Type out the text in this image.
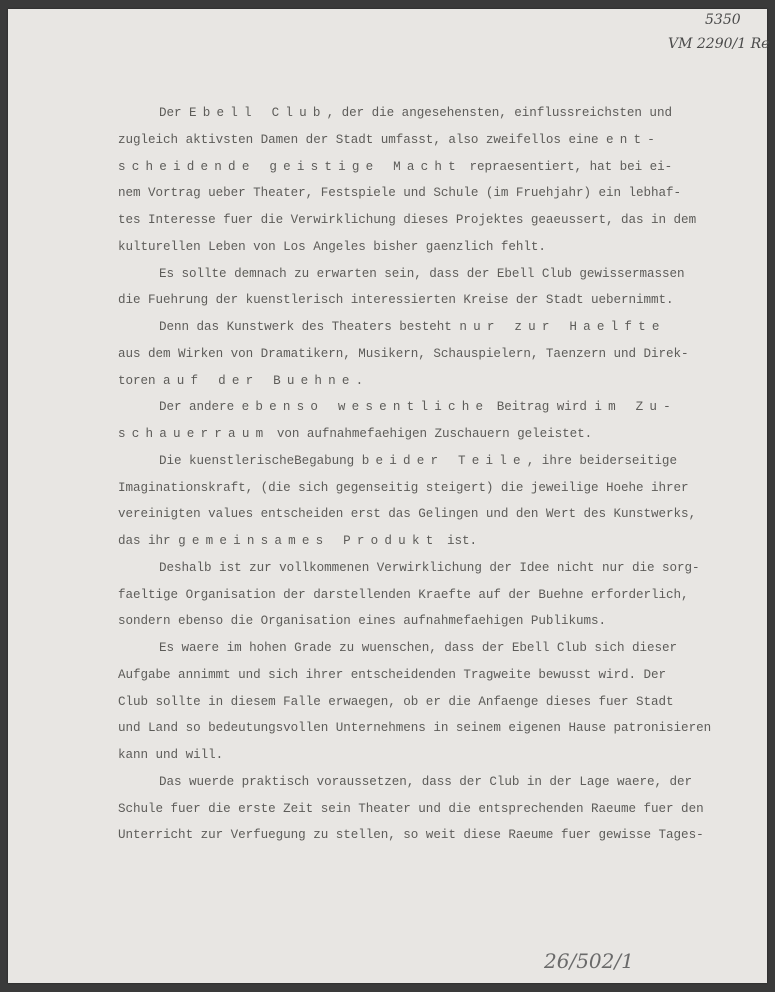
5350
VM 2290/1 Re
Der Ebell Club, der die angesehensten, einflussreichsten und
zugleich aktivsten Damen der Stadt umfasst, also zweifellos eine ent-
scheidende geistige Macht repraesentiert, hat bei ei-
nem Vortrag ueber Theater, Festspiele und Schule (im Fruehjahr) ein lebhaf-
tes Interesse fuer die Verwirklichung dieses Projektes geaeussert, das in dem
kulturellen Leben von Los Angeles bisher gaenzlich fehlt.
Es sollte demnach zu erwarten sein, dass der Ebell Club gewissermassen
die Fuehrung der kuenstlerisch interessierten Kreise der Stadt uebernimmt.
Denn das Kunstwerk des Theaters besteht nur zur Haelfte
aus dem Wirken von Dramatikern, Musikern, Schauspielern, Taenzern und Direk-
toren auf der Buehne.
Der andere ebenso wesentliche Beitrag wird im Zu-
schauerraum von aufnahmefaehigen Zuschauern geleistet.
Die kuenstlerischeBegabung beider Teile, ihre beiderseitige
Imaginationskraft, (die sich gegenseitig steigert) die jeweilige Hoehe ihrer
vereinigten values entscheiden erst das Gelingen und den Wert des Kunstwerks,
das ihr gemeinsames Produkt ist.
Deshalb ist zur vollkommenen Verwirklichung der Idee nicht nur die sorg-
faeltige Organisation der darstellenden Kraefte auf der Buehne erforderlich,
sondern ebenso die Organisation eines aufnahmefaehigen Publikums.
Es waere im hohen Grade zu wuenschen, dass der Ebell Club sich dieser
Aufgabe annimmt und sich ihrer entscheidenden Tragweite bewusst wird. Der
Club sollte in diesem Falle erwaegen, ob er die Anfaenge dieses fuer Stadt
und Land so bedeutungsvollen Unternehmens in seinem eigenen Hause patronisieren
kann und will.
Das wuerde praktisch voraussetzen, dass der Club in der Lage waere, der
Schule fuer die erste Zeit sein Theater und die entsprechenden Raeume fuer den
Unterricht zur Verfuegung zu stellen, so weit diese Raeume fuer gewisse Tages-
26/502/1
